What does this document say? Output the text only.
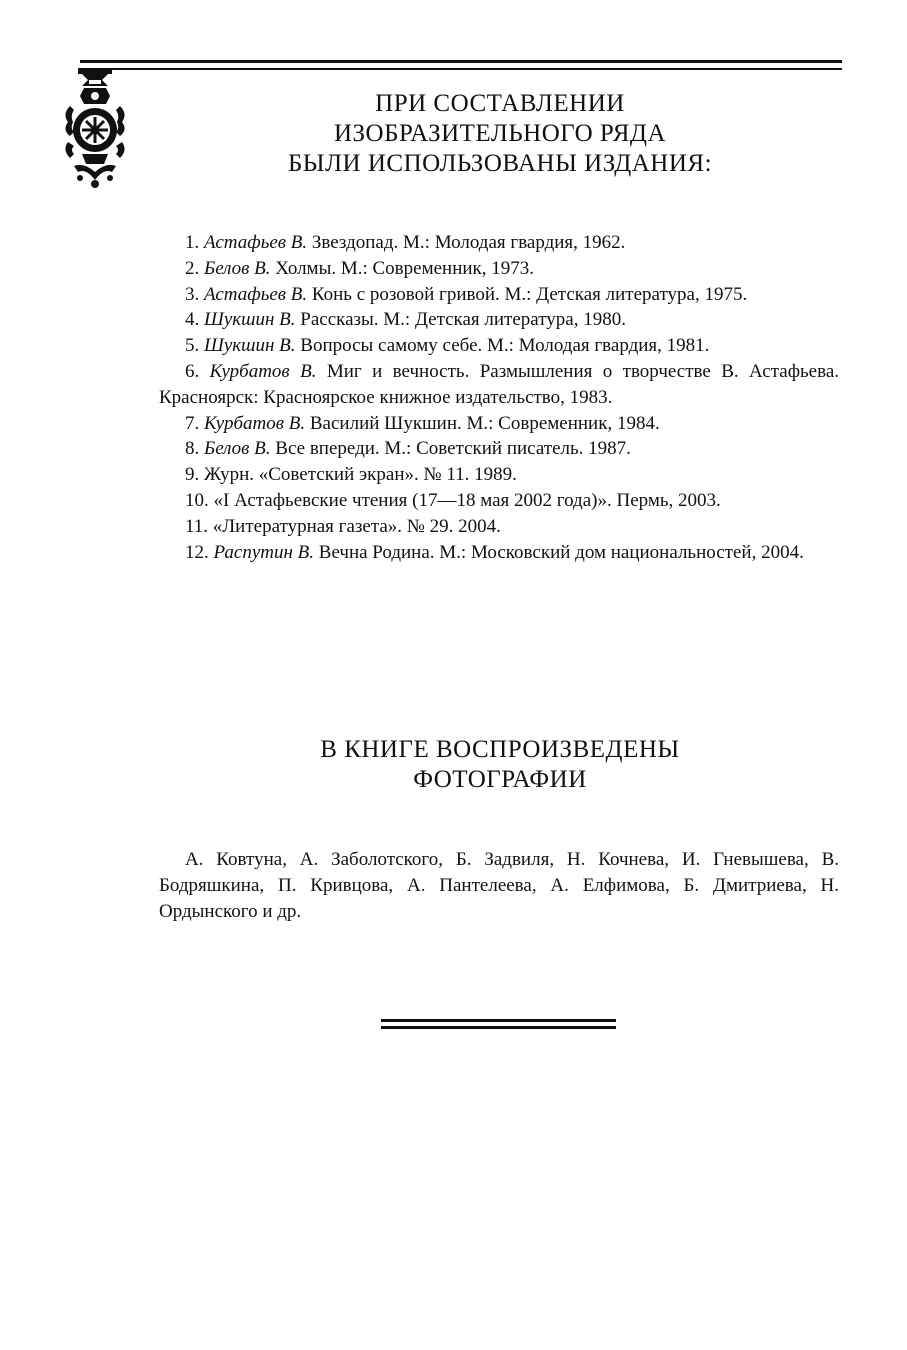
ПРИ СОСТАВЛЕНИИ
ИЗОБРАЗИТЕЛЬНОГО РЯДА
БЫЛИ ИСПОЛЬЗОВАНЫ ИЗДАНИЯ:
1. Астафьев В. Звездопад. М.: Молодая гвардия, 1962.
2. Белов В. Холмы. М.: Современник, 1973.
3. Астафьев В. Конь с розовой гривой. М.: Детская литература, 1975.
4. Шукшин В. Рассказы. М.: Детская литература, 1980.
5. Шукшин В. Вопросы самому себе. М.: Молодая гвардия, 1981.
6. Курбатов В. Миг и вечность. Размышления о творчестве В. Астафьева. Красноярск: Красноярское книжное издательство, 1983.
7. Курбатов В. Василий Шукшин. М.: Современник, 1984.
8. Белов В. Все впереди. М.: Советский писатель. 1987.
9. Журн. «Советский экран». № 11. 1989.
10. «I Астафьевские чтения (17—18 мая 2002 года)». Пермь, 2003.
11. «Литературная газета». № 29. 2004.
12. Распутин В. Вечна Родина. М.: Московский дом национальностей, 2004.
В КНИГЕ ВОСПРОИЗВЕДЕНЫ
ФОТОГРАФИИ

А. Ковтуна, А. Заболотского, Б. Задвиля, Н. Кочнева, И. Гневышева, В. Бодряшкина, П. Кривцова, А. Пантелеева, А. Елфимова, Б. Дмитриева, Н. Ордынского и др.
